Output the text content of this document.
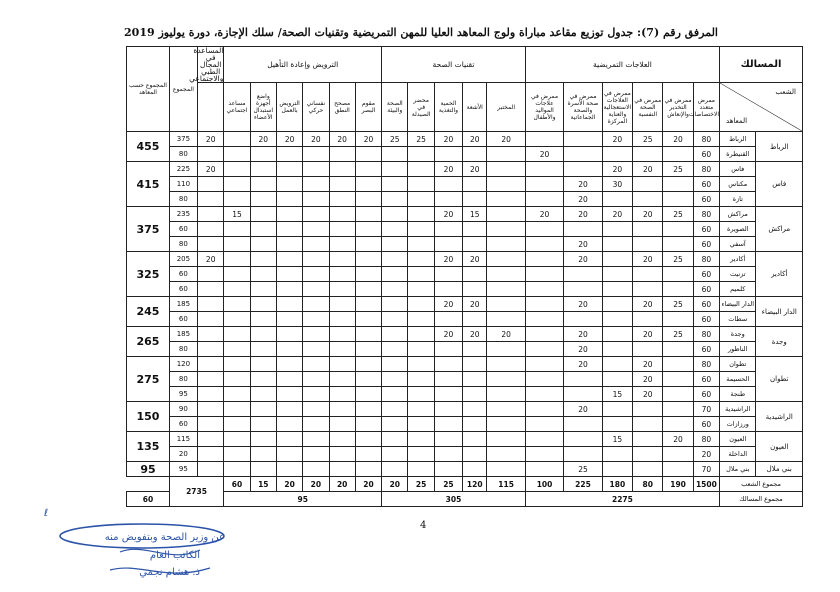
المرفق رقم (7): جدول توزيع مقاعد مباراة ولوج المعاهد العليا للمهن التمريضية وتقنيات الصحة/ سلك الإجازة، دورة يوليوز 2019
المسالك		العلاجات التمريضية						تقنيات الصحة					الترويض وإعادة التأهيل						المساعدة في المجال الطبي والاجتماعي	المجموع	المجموع حسب المعاهد

الشعب
المعاهد		ممرض متعدد الاختصاصات	ممرض في التخدير والإنعاش	ممرض في الصحة النفسية	ممرض في العلاجات الاستعجالية والعناية المركزة	ممرض في صحة الأسرة والصحة الجماعاتية	ممرض في علاجات المواليد والأطفال	المختبر	الأشعة	الحمية والتغذية	محضر في الصيدلة	الصحة والبيئة	مقوم البصر	مصحح النطق	نفساني حركي	الترويض بالعمل	واضع أجهزة استبدال الأعضاء	مساعد اجتماعي			
الرباط	الرباط	80	20	25	20			20	20	20	25	25	20	20	20	20	20		20	375	455
	القنيطرة	60					20													80	
فاس	فاس	80	25	20	20				20	20									20	225	415
	مكناس	60			30	20														110	
	تازة	60				20														80	
مراكش	مراكش	80	25	20	20	20	20		15	20								15		235	375
	الصويرة	60																		60	
	آسفي	60				20														80	
أكادير	أكادير	80	25	20		20			20	20									20	205	325
	تزنيت	60																		60	
	كلميم	60																		60	
الدار البيضاء	الدار البيضاء	60	25	20		20			20	20										185	245
	سطات	60																		60	
وجدة	وجدة	80	25	20		20		20	20	20										185	265
	الناظور	60				20														80	
تطوان	تطوان	80		20		20														120	275
	الحسيمة	60		20																80	
	طنجة	60		20	15															95	
الراشيدية	الراشيدية	70				20														90	150
	ورزازات	60																		60	
العيون	العيون	80	20		15															115	135
	الداخلة	20																		20	
بني ملال	بني ملال	70				25														95	95
مجموع الشعب		1500	190	80	180	225	100	115	120	25	25	20	20	20	20	20	15	60	2735		
مجموع المسالك		2275						305					95								60
4
ℓ
عن وزير الصحة وبتفويض منه
الكاتب العام
ذ. هشام نجمي
